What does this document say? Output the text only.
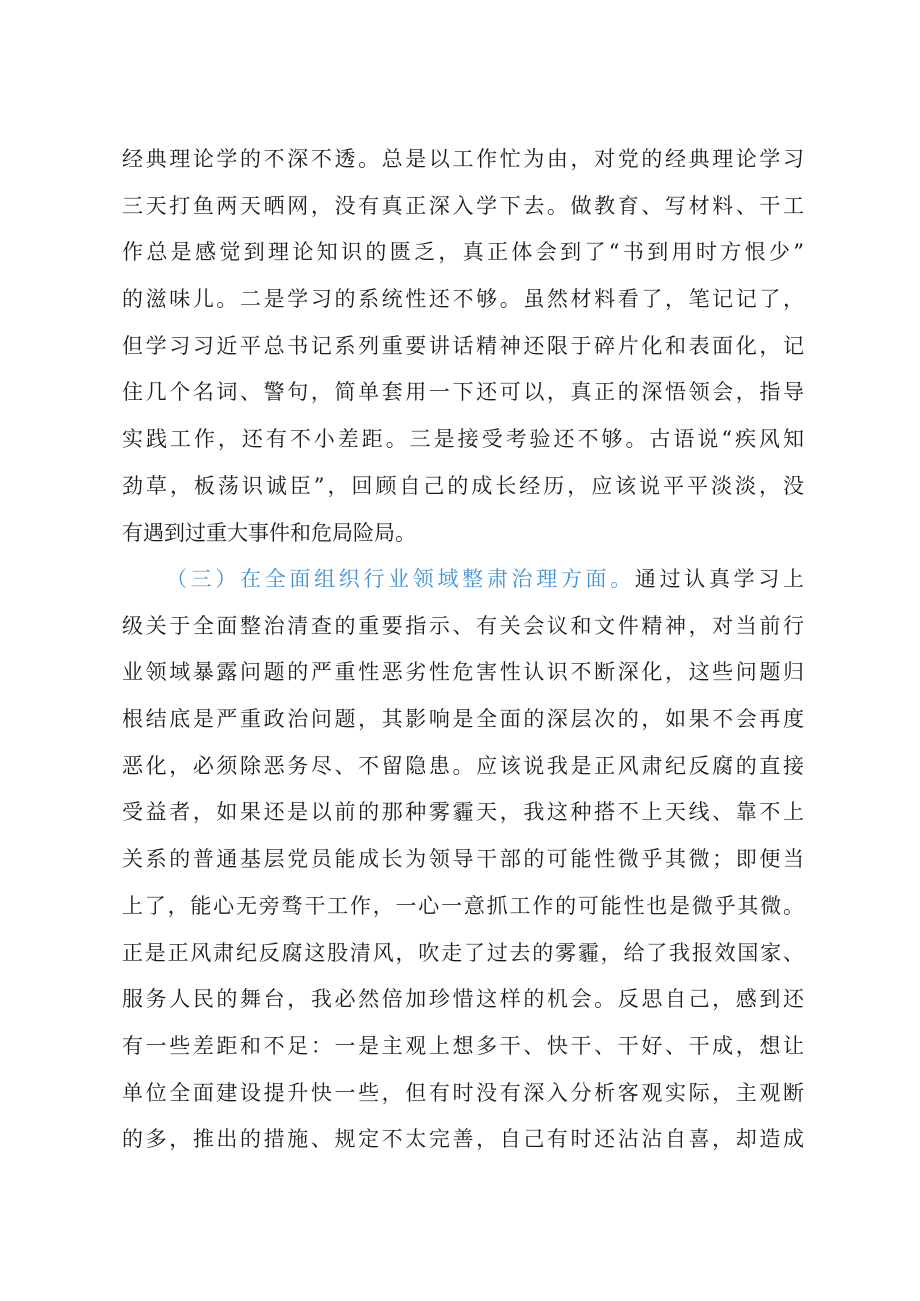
经典理论学的不深不透。总是以工作忙为由，对党的经典理论学习
三天打鱼两天晒网，没有真正深入学下去。做教育、写材料、干工
作总是感觉到理论知识的匮乏，真正体会到了“书到用时方恨少”
的滋味儿。二是学习的系统性还不够。虽然材料看了，笔记记了，
但学习习近平总书记系列重要讲话精神还限于碎片化和表面化，记
住几个名词、警句，简单套用一下还可以，真正的深悟领会，指导
实践工作，还有不小差距。三是接受考验还不够。古语说“疾风知
劲草，板荡识诚臣”，回顾自己的成长经历，应该说平平淡淡，没
有遇到过重大事件和危局险局。
（三）在全面组织行业领域整肃治理方面。通过认真学习上
级关于全面整治清查的重要指示、有关会议和文件精神，对当前行
业领域暴露问题的严重性恶劣性危害性认识不断深化，这些问题归
根结底是严重政治问题，其影响是全面的深层次的，如果不会再度
恶化，必须除恶务尽、不留隐患。应该说我是正风肃纪反腐的直接
受益者，如果还是以前的那种雾霾天，我这种搭不上天线、靠不上
关系的普通基层党员能成长为领导干部的可能性微乎其微；即便当
上了，能心无旁骛干工作，一心一意抓工作的可能性也是微乎其微。
正是正风肃纪反腐这股清风，吹走了过去的雾霾，给了我报效国家、
服务人民的舞台，我必然倍加珍惜这样的机会。反思自己，感到还
有一些差距和不足：一是主观上想多干、快干、干好、干成，想让
单位全面建设提升快一些，但有时没有深入分析客观实际，主观断
的多，推出的措施、规定不太完善，自己有时还沾沾自喜，却造成
